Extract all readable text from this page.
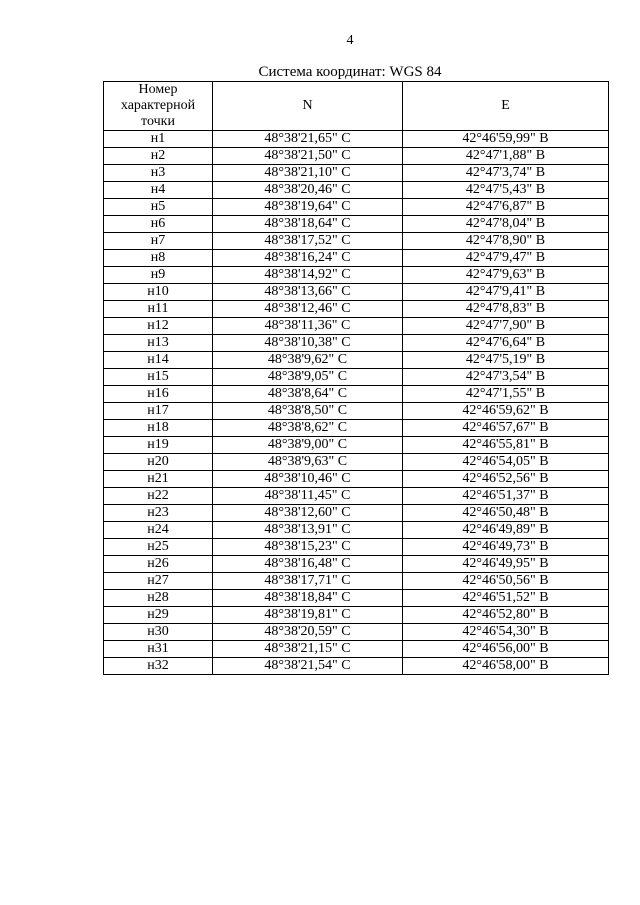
4
Система координат: WGS 84
Номер
характерной
точки	N	E
н1	48°38'21,65" С	42°46'59,99" В
н2	48°38'21,50" С	42°47'1,88" В
н3	48°38'21,10" С	42°47'3,74" В
н4	48°38'20,46" С	42°47'5,43" В
н5	48°38'19,64" С	42°47'6,87" В
н6	48°38'18,64" С	42°47'8,04" В
н7	48°38'17,52" С	42°47'8,90" В
н8	48°38'16,24" С	42°47'9,47" В
н9	48°38'14,92" С	42°47'9,63" В
н10	48°38'13,66" С	42°47'9,41" В
н11	48°38'12,46" С	42°47'8,83" В
н12	48°38'11,36" С	42°47'7,90" В
н13	48°38'10,38" С	42°47'6,64" В
н14	48°38'9,62" С	42°47'5,19" В
н15	48°38'9,05" С	42°47'3,54" В
н16	48°38'8,64" С	42°47'1,55" В
н17	48°38'8,50" С	42°46'59,62" В
н18	48°38'8,62" С	42°46'57,67" В
н19	48°38'9,00" С	42°46'55,81" В
н20	48°38'9,63" С	42°46'54,05" В
н21	48°38'10,46" С	42°46'52,56" В
н22	48°38'11,45" С	42°46'51,37" В
н23	48°38'12,60" С	42°46'50,48" В
н24	48°38'13,91" С	42°46'49,89" В
н25	48°38'15,23" С	42°46'49,73" В
н26	48°38'16,48" С	42°46'49,95" В
н27	48°38'17,71" С	42°46'50,56" В
н28	48°38'18,84" С	42°46'51,52" В
н29	48°38'19,81" С	42°46'52,80" В
н30	48°38'20,59" С	42°46'54,30" В
н31	48°38'21,15" С	42°46'56,00" В
н32	48°38'21,54" С	42°46'58,00" В
